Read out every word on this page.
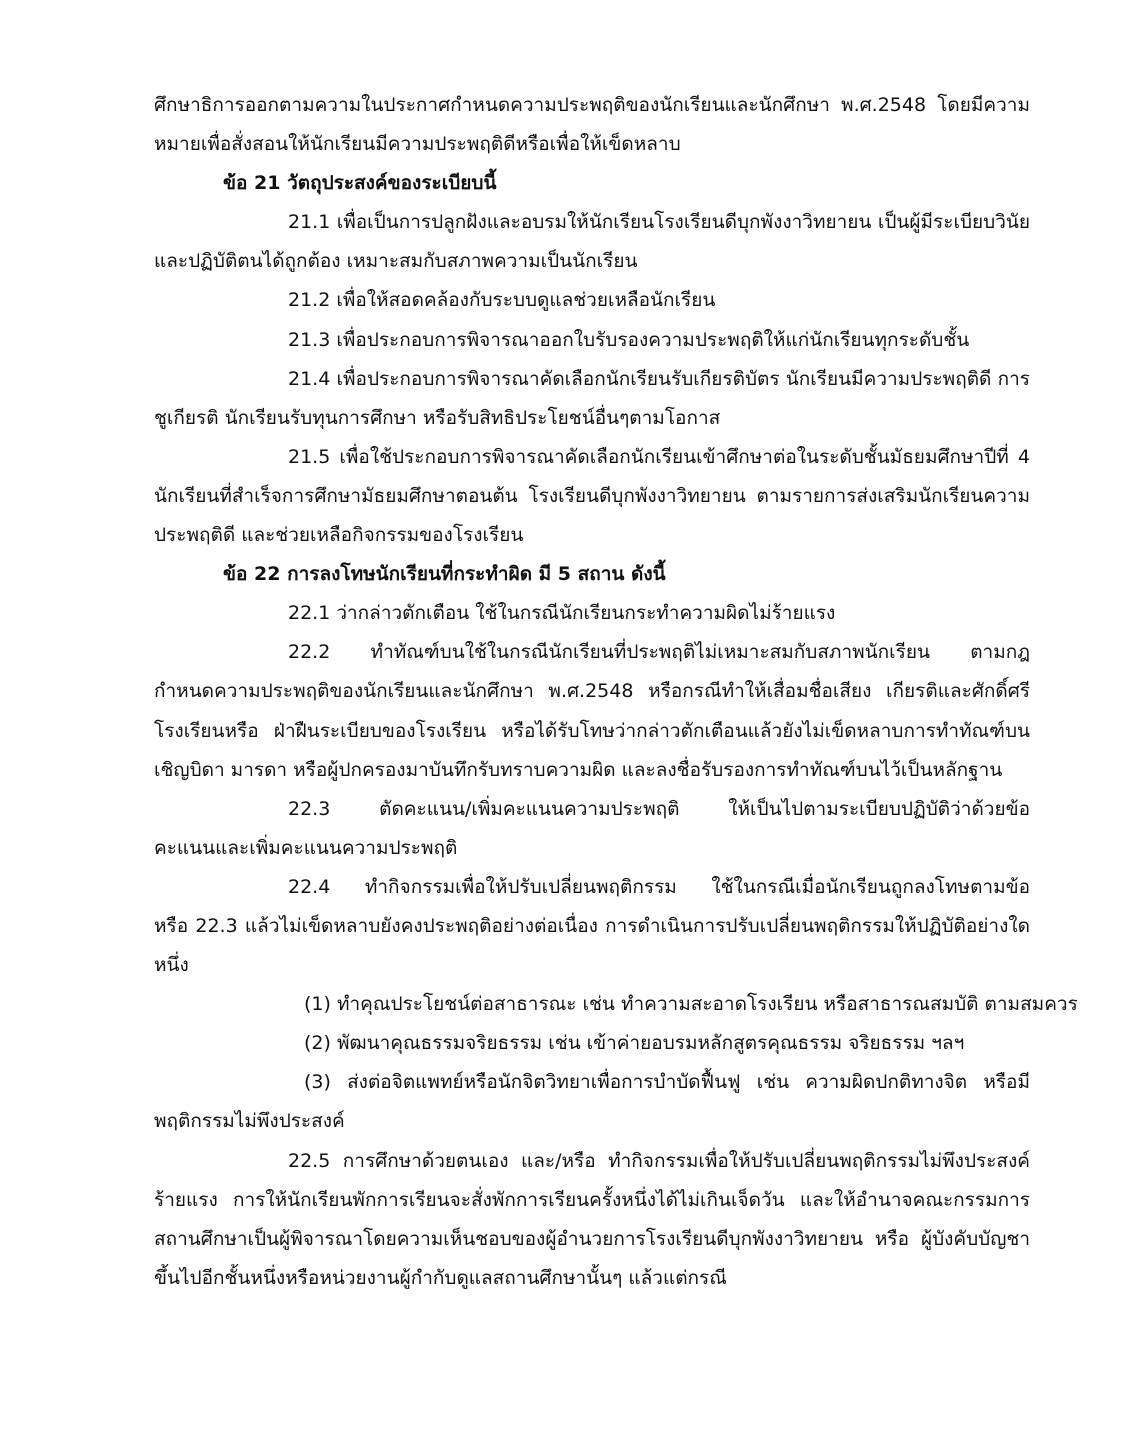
ศึกษาธิการออกตามความในประกาศกำหนดความประพฤติของนักเรียนและนักศึกษา พ.ศ.2548 โดยมีความ
หมายเพื่อสั่งสอนให้นักเรียนมีความประพฤติดีหรือเพื่อให้เข็ดหลาบ
ข้อ 21 วัตถุประสงค์ของระเบียบนี้
21.1 เพื่อเป็นการปลูกฝังและอบรมให้นักเรียนโรงเรียนดีบุกพังงาวิทยายน เป็นผู้มีระเบียบวินัย
และปฏิบัติตนได้ถูกต้อง เหมาะสมกับสภาพความเป็นนักเรียน
21.2 เพื่อให้สอดคล้องกับระบบดูแลช่วยเหลือนักเรียน
21.3 เพื่อประกอบการพิจารณาออกใบรับรองความประพฤติให้แก่นักเรียนทุกระดับชั้น
21.4 เพื่อประกอบการพิจารณาคัดเลือกนักเรียนรับเกียรติบัตร นักเรียนมีความประพฤติดี การ
ชูเกียรติ นักเรียนรับทุนการศึกษา หรือรับสิทธิประโยชน์อื่นๆตามโอกาส
21.5 เพื่อใช้ประกอบการพิจารณาคัดเลือกนักเรียนเข้าศึกษาต่อในระดับชั้นมัธยมศึกษาปีที่ 4
นักเรียนที่สำเร็จการศึกษามัธยมศึกษาตอนต้น โรงเรียนดีบุกพังงาวิทยายน ตามรายการส่งเสริมนักเรียนความ
ประพฤติดี และช่วยเหลือกิจกรรมของโรงเรียน
ข้อ 22 การลงโทษนักเรียนที่กระทำผิด มี 5 สถาน ดังนี้
22.1 ว่ากล่าวตักเตือน ใช้ในกรณีนักเรียนกระทำความผิดไม่ร้ายแรง
22.2 ทำทัณฑ์บนใช้ในกรณีนักเรียนที่ประพฤติไม่เหมาะสมกับสภาพนักเรียน ตามกฎ
กำหนดความประพฤติของนักเรียนและนักศึกษา พ.ศ.2548 หรือกรณีทำให้เสื่อมชื่อเสียง เกียรติและศักดิ์ศรี
โรงเรียนหรือ ฝ่าฝืนระเบียบของโรงเรียน หรือได้รับโทษว่ากล่าวตักเตือนแล้วยังไม่เข็ดหลาบการทำทัณฑ์บน
เชิญบิดา มารดา หรือผู้ปกครองมาบันทึกรับทราบความผิด และลงชื่อรับรองการทำทัณฑ์บนไว้เป็นหลักฐาน
22.3 ตัดคะแนน/เพิ่มคะแนนความประพฤติ ให้เป็นไปตามระเบียบปฏิบัติว่าด้วยข้อ
คะแนนและเพิ่มคะแนนความประพฤติ
22.4 ทำกิจกรรมเพื่อให้ปรับเปลี่ยนพฤติกรรม ใช้ในกรณีเมื่อนักเรียนถูกลงโทษตามข้อ
หรือ 22.3 แล้วไม่เข็ดหลาบยังคงประพฤติอย่างต่อเนื่อง การดำเนินการปรับเปลี่ยนพฤติกรรมให้ปฏิบัติอย่างใด
หนึ่ง
(1) ทำคุณประโยชน์ต่อสาธารณะ เช่น ทำความสะอาดโรงเรียน หรือสาธารณสมบัติ ตามสมควร
(2) พัฒนาคุณธรรมจริยธรรม เช่น เข้าค่ายอบรมหลักสูตรคุณธรรม จริยธรรม ฯลฯ
(3) ส่งต่อจิตแพทย์หรือนักจิตวิทยาเพื่อการบำบัดฟื้นฟู เช่น ความผิดปกติทางจิต หรือมี
พฤติกรรมไม่พึงประสงค์
22.5 การศึกษาด้วยตนเอง และ/หรือ ทำกิจกรรมเพื่อให้ปรับเปลี่ยนพฤติกรรมไม่พึงประสงค์
ร้ายแรง การให้นักเรียนพักการเรียนจะสั่งพักการเรียนครั้งหนึ่งได้ไม่เกินเจ็ดวัน และให้อำนาจคณะกรรมการ
สถานศึกษาเป็นผู้พิจารณาโดยความเห็นชอบของผู้อำนวยการโรงเรียนดีบุกพังงาวิทยายน หรือ ผู้บังคับบัญชา
ขึ้นไปอีกชั้นหนึ่งหรือหน่วยงานผู้กำกับดูแลสถานศึกษานั้นๆ แล้วแต่กรณี
